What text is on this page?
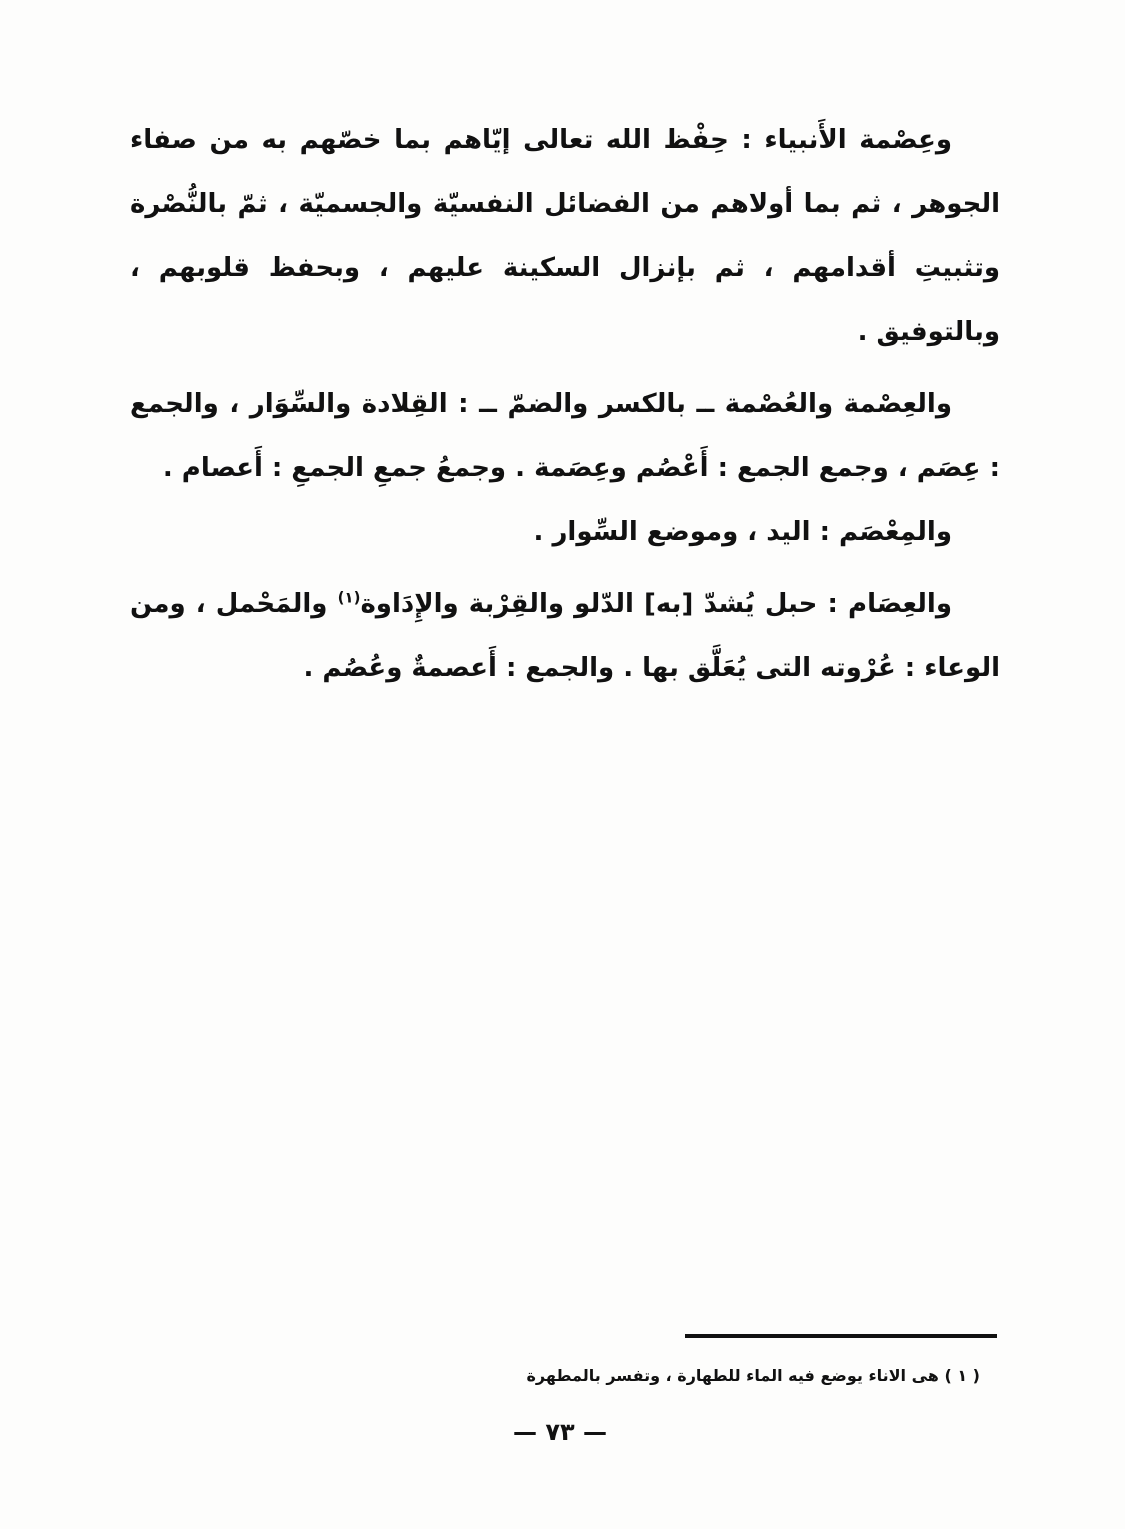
وعِصْمة الأَنبياء : حِفْظ الله تعالى إيّاهم بما خصّهم به من صفاء الجوهر ، ثم بما أولاهم من الفضائل النفسيّة والجسميّة ، ثمّ بالنُّصْرة وتثبيتِ أقدامهم ، ثم بإنزال السكينة عليهم ، وبحفظ قلوبهم ، وبالتوفيق .

والعِصْمة والعُصْمة ــ بالكسر والضمّ ــ : القِلادة والسِّوَار ، والجمع : عِصَم ، وجمع الجمع : أَعْصُم وعِصَمة . وجمعُ جمعِ الجمعِ : أَعصام .

والمِعْصَم : اليد ، وموضع السِّوار .

والعِصَام : حبل يُشدّ [به] الدّلو والقِرْبة والإِدَاوة$^{(١)}$ والمَحْمل ، ومن الوعاء : عُرْوته التى يُعَلَّق بها . والجمع : أَعصمةٌ وعُصُم .

( ١ ) هى الاناء يوضع فيه الماء للطهارة ، وتفسر بالمطهرة
— ٧٣ —
